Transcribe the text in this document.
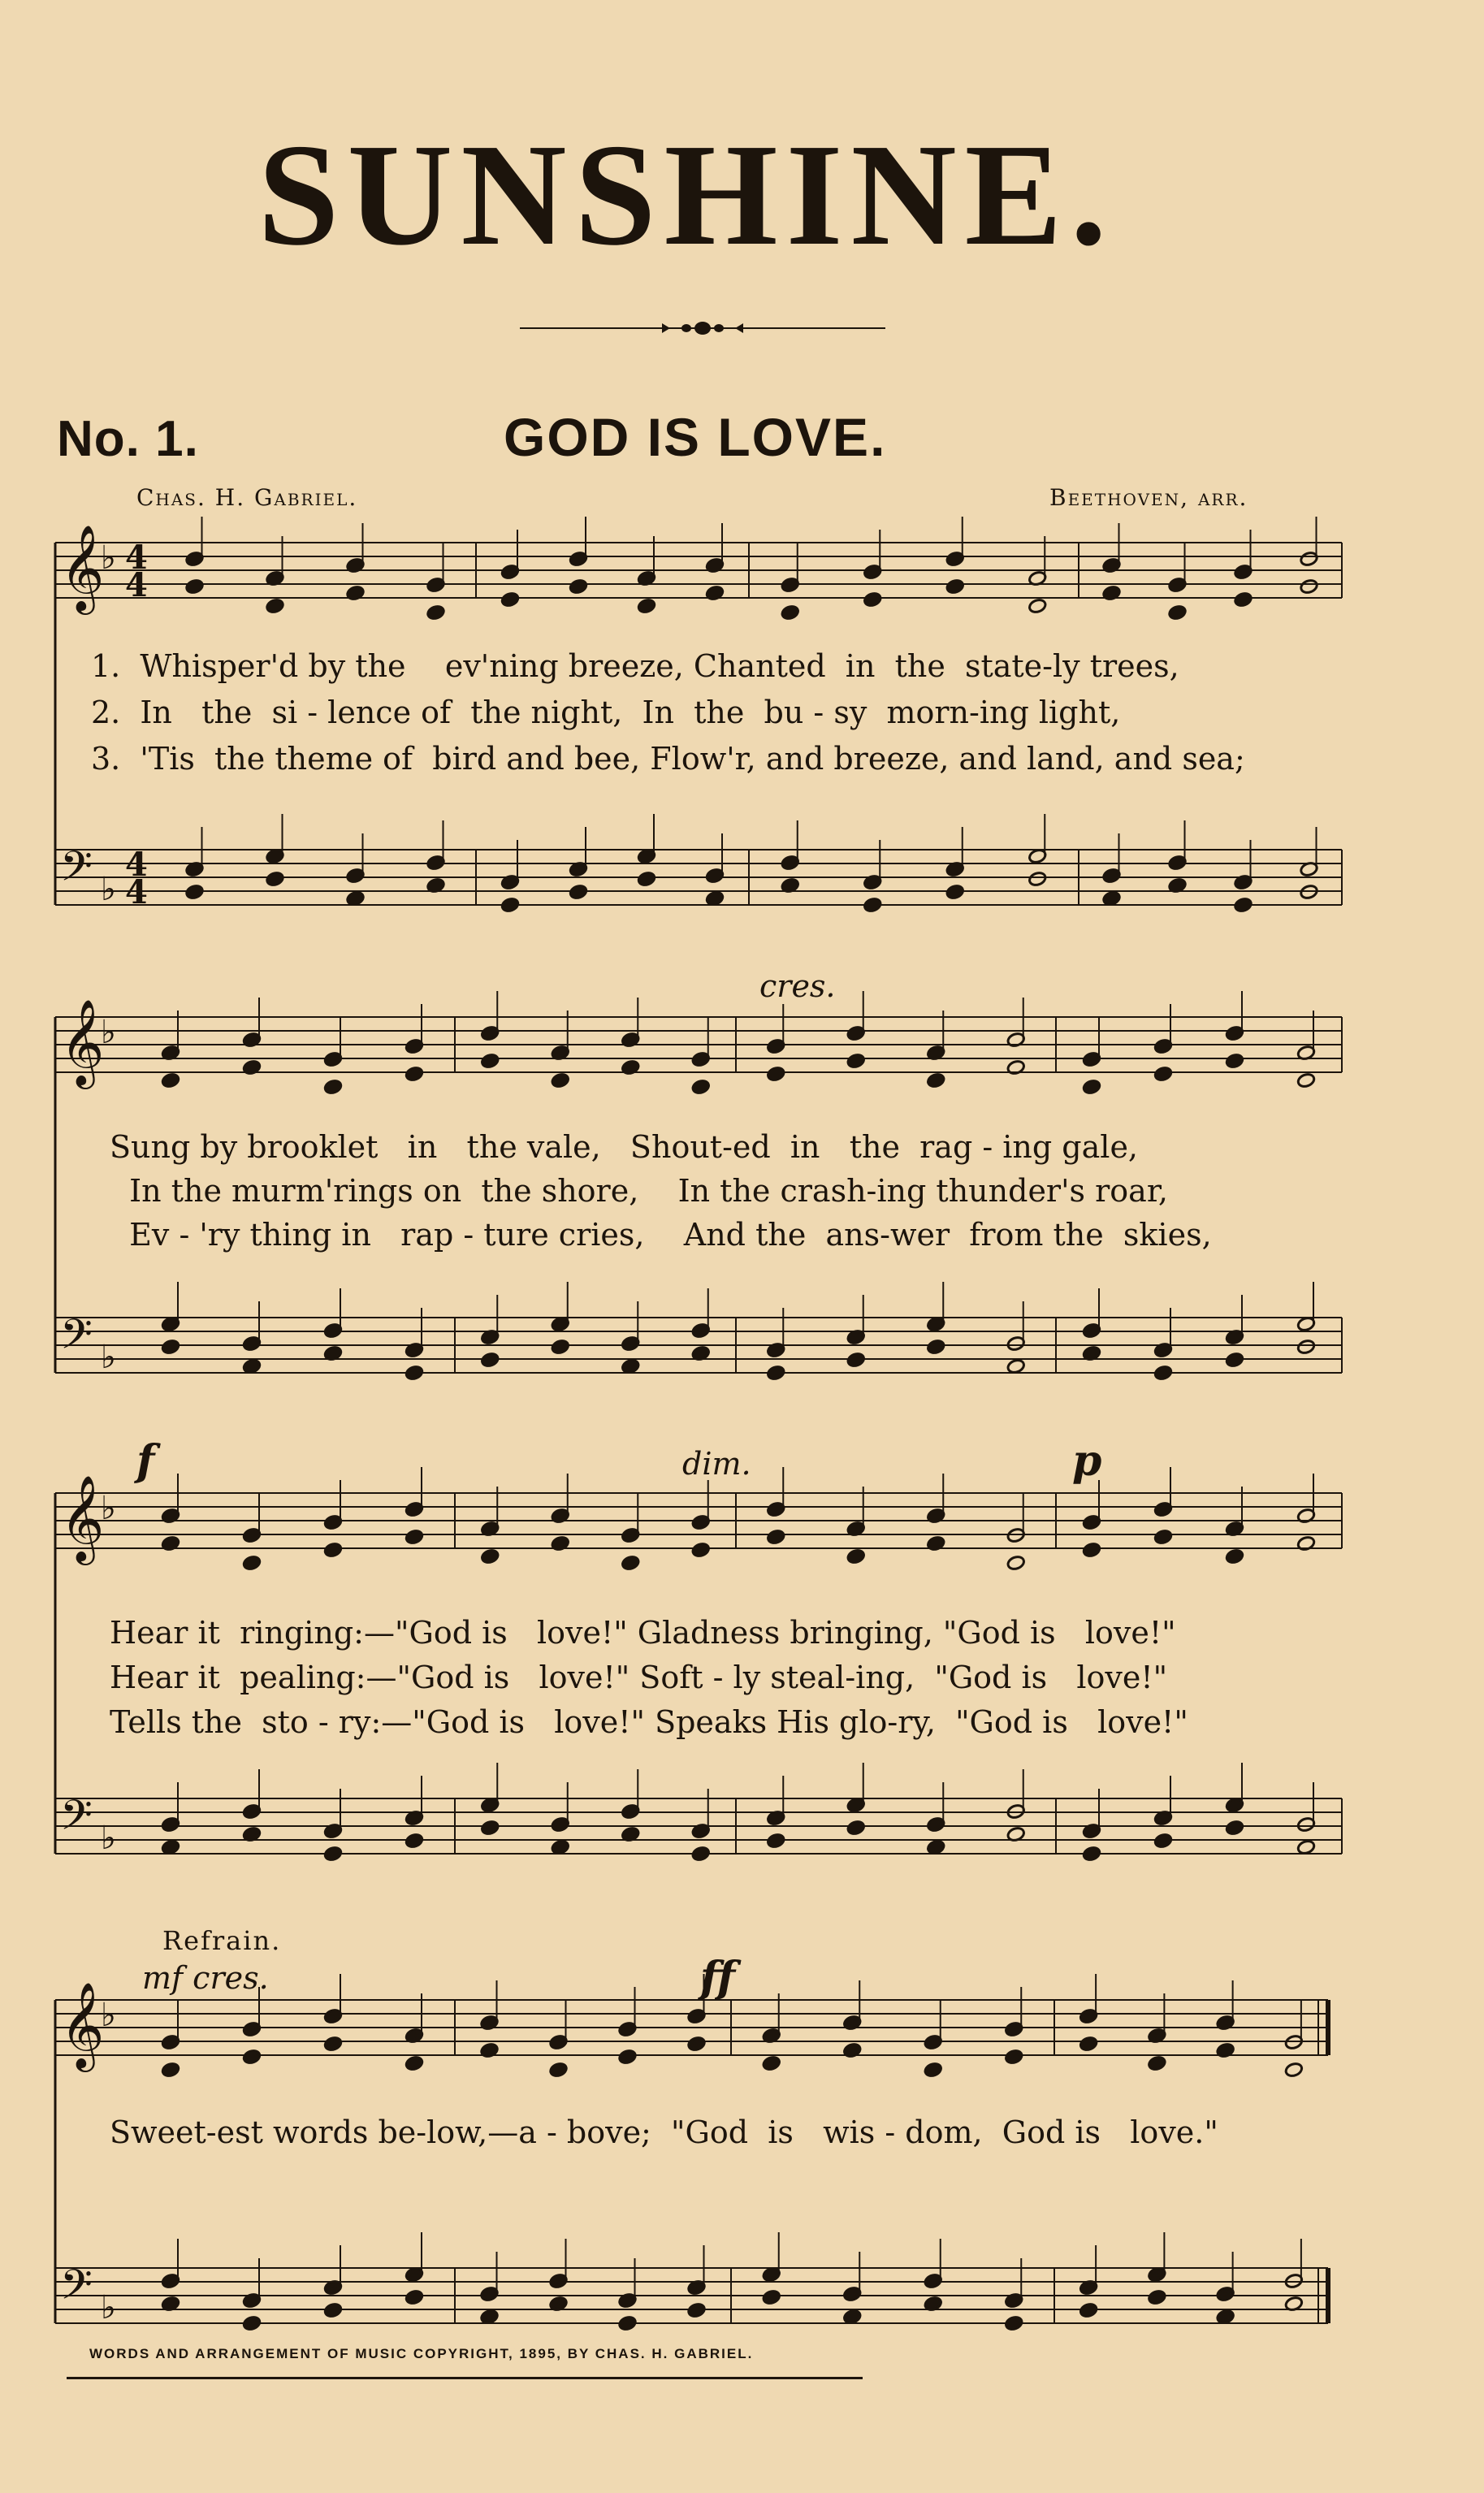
SUNSHINE.
No. 1.	GOD IS LOVE.
Chas. H. Gabriel.	Beethoven, arr.
𝄞
𝄢
♭
♭
4
4
4
4
𝄞
𝄢
♭
♭
𝄞
𝄢
♭
♭
𝄞
𝄢
♭
♭
1.  Whisper'd by the    ev'ning breeze, Chanted  in  the  state-ly trees,
2.  In   the  si - lence of  the night,  In  the  bu - sy  morn-ing light,
3.  'Tis  the theme of  bird and bee, Flow'r, and breeze, and land, and sea;
cres.
Sung by brooklet   in   the vale,   Shout-ed  in   the  rag - ing gale,
In the murm'rings on  the shore,    In the crash-ing thunder's roar,
Ev - 'ry thing in   rap - ture cries,    And the  ans-wer  from the  skies,
f	dim.	p
Hear it  ringing:—"God is   love!" Gladness bringing, "God is   love!"
Hear it  pealing:—"God is   love!" Soft - ly steal-ing,  "God is   love!"
Tells the  sto - ry:—"God is   love!" Speaks His glo-ry,  "God is   love!"
Refrain.
mf cres.	ff
Sweet-est words be-low,—a - bove;  "God  is   wis - dom,  God is   love."
WORDS AND ARRANGEMENT OF MUSIC COPYRIGHT, 1895, BY CHAS. H. GABRIEL.
